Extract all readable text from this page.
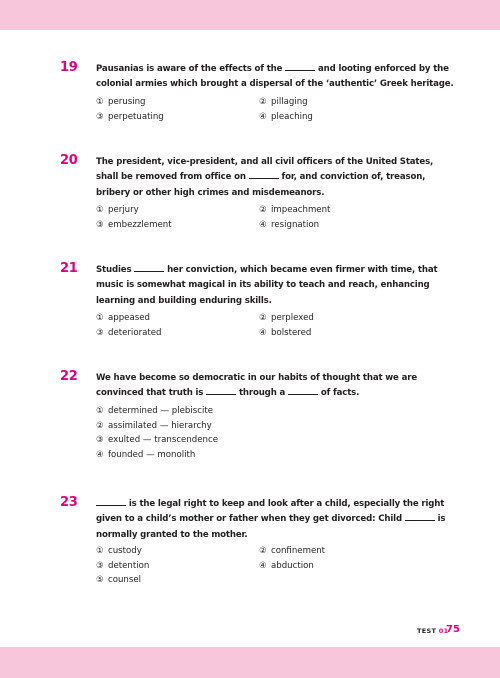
19	Pausanias is aware of the effects of the	and looting enforced by the colonial armies which brought a dispersal of the ‘authentic’ Greek heritage.
① perusing	② pillaging
③ perpetuating	④ pleaching
20	The president, vice-president, and all civil officers of the United States, shall be removed from office on	for, and conviction of, treason, bribery or other high crimes and misdemeanors.
① perjury	② impeachment
③ embezzlement	④ resignation
21	Studies	her conviction, which became even firmer with time, that music is somewhat magical in its ability to teach and reach, enhancing learning and building enduring skills.
① appeased	② perplexed
③ deteriorated	④ bolstered
22	We have become so democratic in our habits of thought that we are convinced that truth is	through a	of facts.
① determined — plebiscite
② assimilated — hierarchy
③ exulted — transcendence
④ founded — monolith
23	is the legal right to keep and look after a child, especially the right given to a child’s mother or father when they get divorced: Child	is normally granted to the mother.
① custody	② confinement
③ detention	④ abduction
⑤ counsel
TEST 01
75
